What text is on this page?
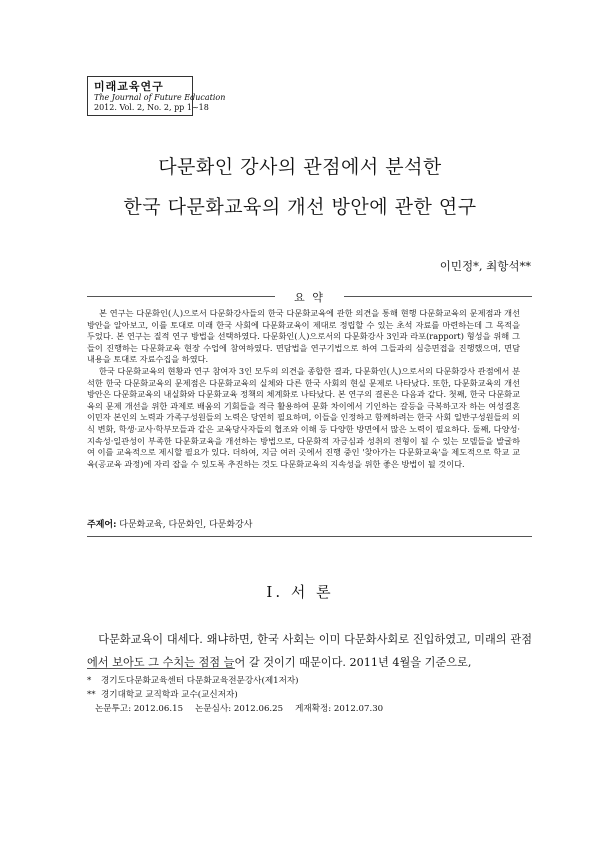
미래교육연구
The Journal of Future Education
2012. Vol. 2, No. 2, pp 1~18
다문화인 강사의 관점에서 분석한
한국 다문화교육의 개선 방안에 관한 연구
이민정*, 최항석**
요 약

본 연구는 다문화인(人)으로서 다문화강사들의 한국 다문화교육에 관한 의견을 통해 현행 다문화교육의 문제점과 개선 방안을 알아보고, 이를 토대로 미래 한국 사회에 다문화교육이 제대로 정립할 수 있는 초석 자료를 마련하는데 그 목적을 두었다. 본 연구는 질적 연구 방법을 선택하였다. 다문화인(人)으로서의 다문화강사 3인과 라포(rapport) 형성을 위해 그들이 진행하는 다문화교육 현장 수업에 참여하였다. 면담법을 연구기법으로 하여 그들과의 심층면접을 진행했으며, 면담 내용을 토대로 자료수집을 하였다.

한국 다문화교육의 현황과 연구 참여자 3인 모두의 의견을 종합한 결과, 다문화인(人)으로서의 다문화강사 관점에서 분석한 한국 다문화교육의 문제점은 다문화교육의 실체와 다른 한국 사회의 현실 문제로 나타났다. 또한, 다문화교육의 개선 방안은 다문화교육의 내실화와 다문화교육 정책의 체계화로 나타났다. 본 연구의 결론은 다음과 같다. 첫째, 한국 다문화교육의 문제 개선을 위한 과제로 배움의 기회들을 적극 활용하여 문화 차이에서 기인하는 갈등을 극복하고자 하는 여성결혼이민자 본인의 노력과 가족구성원들의 노력은 당연히 필요하며, 이들을 인정하고 함께하려는 한국 사회 일반구성원들의 의식 변화, 학생·교사·학부모들과 같은 교육당사자들의 협조와 이해 등 다양한 방면에서 많은 노력이 필요하다. 둘째, 다양성·지속성·일관성이 부족한 다문화교육을 개선하는 방법으로, 다문화적 자긍심과 성취의 전형이 될 수 있는 모델들을 발굴하여 이를 교육적으로 제시할 필요가 있다. 더하여, 지금 여러 곳에서 진행 중인 '찾아가는 다문화교육'을 제도적으로 학교 교육(공교육 과정)에 자리 잡을 수 있도록 추진하는 것도 다문화교육의 지속성을 위한 좋은 방법이 될 것이다.

주제어: 다문화교육, 다문화인, 다문화강사
Ⅰ. 서 론

다문화교육이 대세다. 왜냐하면, 한국 사회는 이미 다문화사회로 진입하였고, 미래의 관점에서 보아도 그 수치는 점점 늘어 갈 것이기 때문이다. 2011년 4월을 기준으로,

* 경기도다문화교육센터 다문화교육전문강사(제1저자)
** 경기대학교 교직학과 교수(교신저자)
논문투고: 2012.06.15 논문심사: 2012.06.25 게재확정: 2012.07.30
